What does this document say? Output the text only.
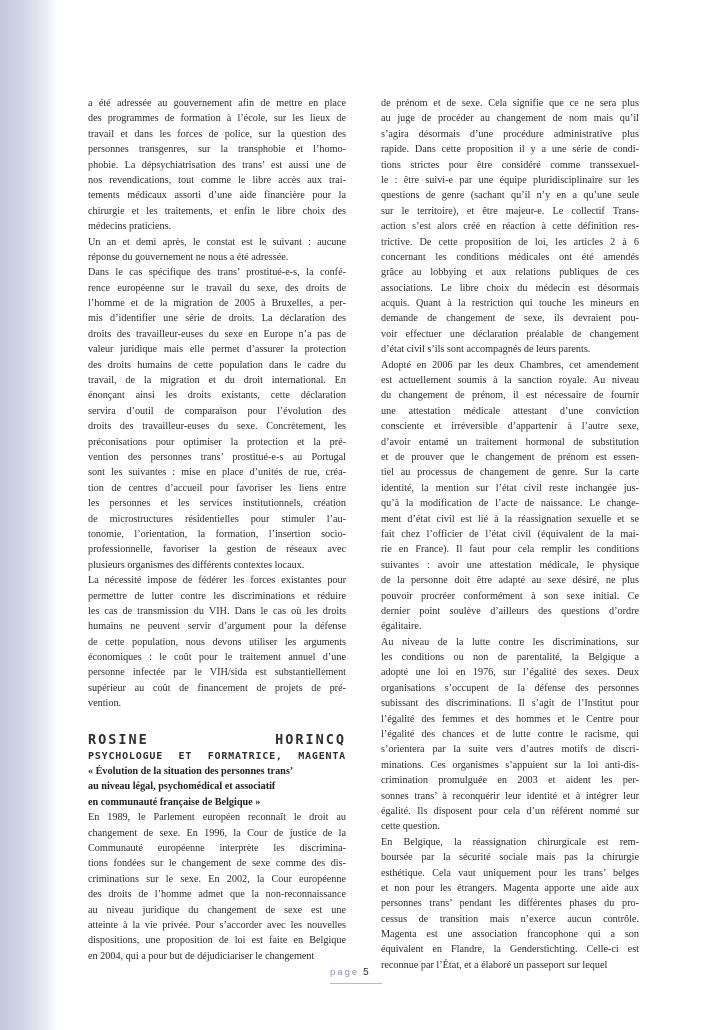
a été adressée au gouvernement afin de mettre en place
des programmes de formation à l’école, sur les lieux de
travail et dans les forces de police, sur la question des
personnes transgenres, sur la transphobie et l’homo-
phobie. La dépsychiatrisation des trans’ est aussi une de
nos revendications, tout comme le libre accès aux trai-
tements médicaux assorti d’une aide financière pour la
chirurgie et les traitements, et enfin le libre choix des
médecins praticiens.
Un an et demi après, le constat est le suivant : aucune
réponse du gouvernement ne nous a été adressée.
Dans le cas spécifique des trans’ prostitué-e-s, la confé-
rence européenne sur le travail du sexe, des droits de
l’homme et de la migration de 2005 à Bruxelles, a per-
mis d’identifier une série de droits. La déclaration des
droits des travailleur-euses du sexe en Europe n’a pas de
valeur juridique mais elle permet d’assurer la protection
des droits humains de cette population dans le cadre du
travail, de la migration et du droit international. En
énonçant ainsi les droits existants, cette déclaration
servira d’outil de comparaison pour l’évolution des
droits des travailleur-euses du sexe. Concrètement, les
préconisations pour optimiser la protection et la pré-
vention des personnes trans’ prostitué-e-s au Portugal
sont les suivantes : mise en place d’unités de rue, créa-
tion de centres d’accueil pour favoriser les liens entre
les personnes et les services institutionnels, création
de microstructures résidentielles pour stimuler l’au-
tonomie, l’orientation, la formation, l’insertion socio-
professionnelle, favoriser la gestion de réseaux avec
plusieurs organismes des différents contextes locaux.
La nécessité impose de fédérer les forces existantes pour
permettre de lutter contre les discriminations et réduire
les cas de transmission du VIH. Dans le cas où les droits
humains ne peuvent servir d’argument pour la défense
de cette population, nous devons utiliser les arguments
économiques : le coût pour le traitement annuel d’une
personne infectée par le VIH/sida est substantiellement
supérieur au coût de financement de projets de pré-
vention.
ROSINE HORINCQ
PSYCHOLOGUE ET FORMATRICE, MAGENTA
« Évolution de la situation des personnes trans’
au niveau légal, psychomédical et associatif
en communauté française de Belgique »
En 1989, le Parlement européen reconnaît le droit au
changement de sexe. En 1996, la Cour de justice de la
Communauté européenne interprète les discrimina-
tions fondées sur le changement de sexe comme des dis-
criminations sur le sexe. En 2002, la Cour européenne
des droits de l’homme admet que la non-reconnaissance
au niveau juridique du changement de sexe est une
atteinte à la vie privée. Pour s’accorder avec les nouvelles
dispositions, une proposition de loi est faite en Belgique
en 2004, qui a pour but de déjudiciariser le changement
de prénom et de sexe. Cela signifie que ce ne sera plus
au juge de procéder au changement de nom mais qu’il
s’agira désormais d’une procédure administrative plus
rapide. Dans cette proposition il y a une série de condi-
tions strictes pour être considéré comme transsexuel-
le : être suivi-e par une équipe pluridisciplinaire sur les
questions de genre (sachant qu’il n’y en a qu’une seule
sur le territoire), et être majeur-e. Le collectif Trans-
action s’est alors créé en réaction à cette définition res-
trictive. De cette proposition de loi, les articles 2 à 6
concernant les conditions médicales ont été amendés
grâce au lobbying et aux relations publiques de ces
associations. Le libre choix du médecin est désormais
acquis. Quant à la restriction qui touche les mineurs en
demande de changement de sexe, ils devraient pou-
voir effectuer une déclaration préalable de changement
d’état civil s’ils sont accompagnés de leurs parents.
Adopté en 2006 par les deux Chambres, cet amendement
est actuellement soumis à la sanction royale. Au niveau
du changement de prénom, il est nécessaire de fournir
une attestation médicale attestant d’une conviction
consciente et irréversible d’appartenir à l’autre sexe,
d’avoir entamé un traitement hormonal de substitution
et de prouver que le changement de prénom est essen-
tiel au processus de changement de genre. Sur la carte
identité, la mention sur l’état civil reste inchangée jus-
qu’à la modification de l’acte de naissance. Le change-
ment d’état civil est lié à la réassignation sexuelle et se
fait chez l’officier de l’état civil (équivalent de la mai-
rie en France). Il faut pour cela remplir les conditions
suivantes : avoir une attestation médicale, le physique
de la personne doit être adapté au sexe désiré, ne plus
pouvoir procréer conformément à son sexe initial. Ce
dernier point soulève d’ailleurs des questions d’ordre
égalitaire.
Au niveau de la lutte contre les discriminations, sur
les conditions ou non de parentalité, la Belgique a
adopté une loi en 1976, sur l’égalité des sexes. Deux
organisations s’occupent de la défense des personnes
subissant des discriminations. Il s’agit de l’Institut pour
l’égalité des femmes et des hommes et le Centre pour
l’égalité des chances et de lutte contre le racisme, qui
s’orientera par la suite vers d’autres motifs de discri-
minations. Ces organismes s’appuient sur la loi anti-dis-
crimination promulguée en 2003 et aident les per-
sonnes trans’ à reconquérir leur identité et à intégrer leur
égalité. Ils disposent pour cela d’un référent nommé sur
cette question.
En Belgique, la réassignation chirurgicale est rem-
boursée par la sécurité sociale mais pas la chirurgie
esthétique. Cela vaut uniquement pour les trans’ belges
et non pour les étrangers. Magenta apporte une aide aux
personnes trans’ pendant les différentes phases du pro-
cessus de transition mais n’exerce aucun contrôle.
Magenta est une association francophone qui a son
équivalent en Flandre, la Genderstichting. Celle-ci est
reconnue par l’État, et a élaboré un passeport sur lequel
page 5
